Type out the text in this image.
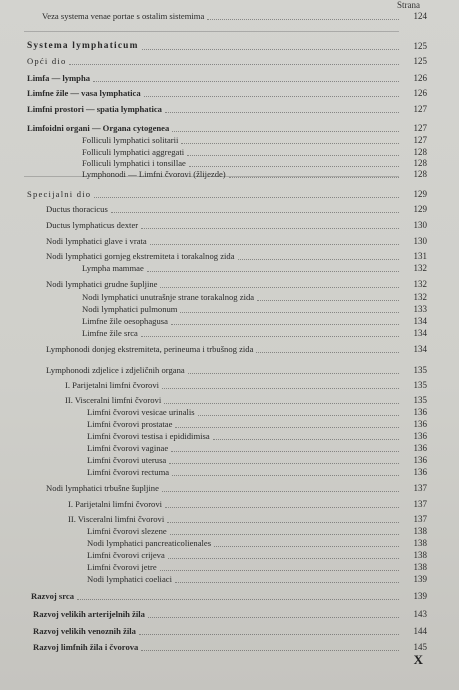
Strana
Veza systema venae portae s ostalim sistemima	124
Systema lymphaticum	125
Opći dio	125
Limfa — lympha	126
Limfne žile — vasa lymphatica	126
Limfni prostori — spatia lymphatica	127
Limfoidni organi — Organa cytogenea	127
Folliculi lymphatici solitarii	127
Folliculi lymphatici aggregati	128
Folliculi lymphatici i tonsillae	128
Lymphonodi — Limfni čvorovi (žlijezde)	128
Specijalni dio	129
Ductus thoracicus	129
Ductus lymphaticus dexter	130
Nodi lymphatici glave i vrata	130
Nodi lymphatici gornjeg ekstremiteta i torakalnog zida	131
Lympha mammae	132
Nodi lymphatici grudne šupljine	132
Nodi lymphatici unutrašnje strane torakalnog zida	132
Nodi lymphatici pulmonum	133
Limfne žile oesophagusa	134
Limfne žile srca	134
Lymphonodi donjeg ekstremiteta, perineuma i trbušnog zida	134
Lymphonodi zdjelice i zdjeličnih organa	135
I. Parijetalni limfni čvorovi	135
II. Visceralni limfni čvorovi	135
Limfni čvorovi vesicae urinalis	136
Limfni čvorovi prostatae	136
Limfni čvorovi testisa i epididimisa	136
Limfni čvorovi vaginae	136
Limfni čvorovi uterusa	136
Limfni čvorovi rectuma	136
Nodi lymphatici trbušne šupljine	137
I. Parijetalni limfni čvorovi	137
II. Visceralni limfni čvorovi	137
Limfni čvorovi slezene	138
Nodi lymphatici pancreaticolienales	138
Limfni čvorovi crijeva	138
Limfni čvorovi jetre	138
Nodi lymphatici coeliaci	139
Razvoj srca	139
Razvoj velikih arterijelnih žila	143
Razvoj velikih venoznih žila	144
Razvoj limfnih žila i čvorova	145
X
